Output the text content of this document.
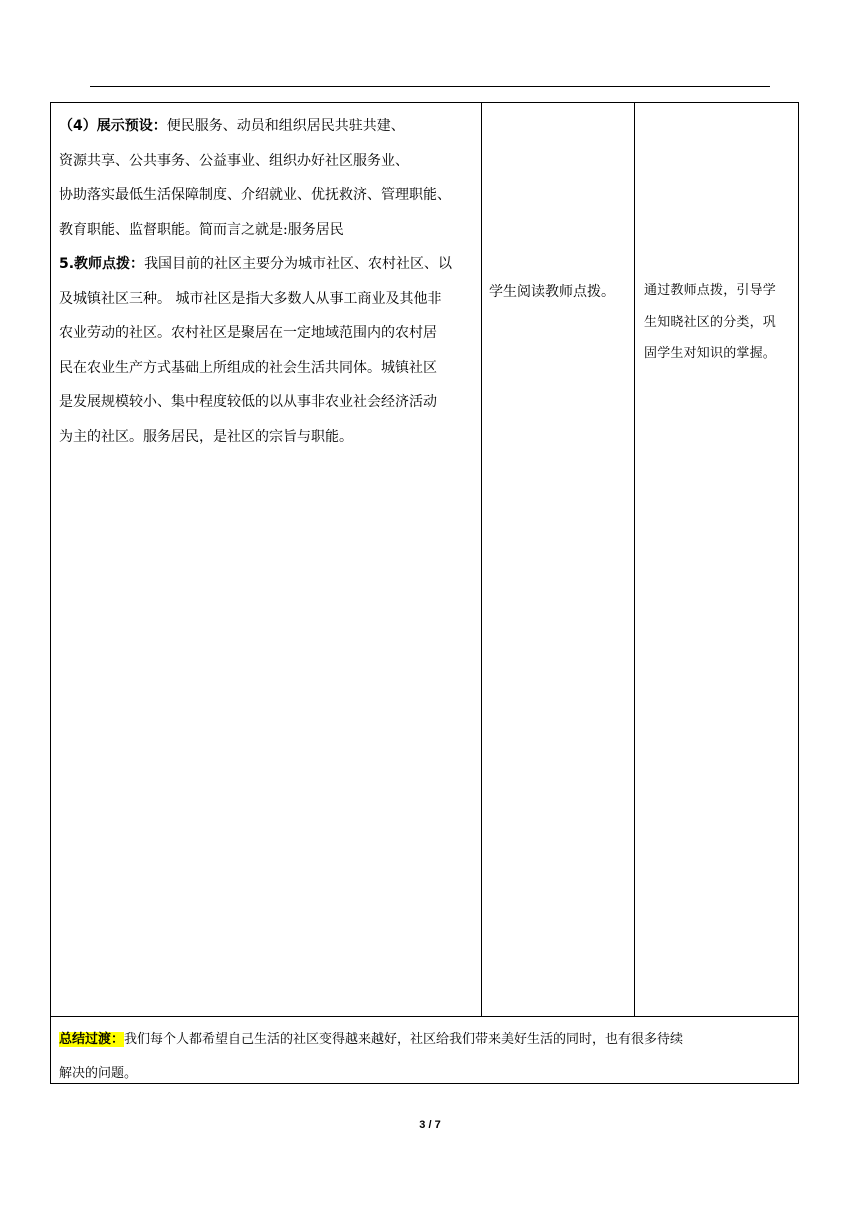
（4）展示预设：便民服务、动员和组织居民共驻共建、

资源共享、公共事务、公益事业、组织办好社区服务业、

协助落实最低生活保障制度、介绍就业、优抚救济、管理职能、

教育职能、监督职能。简而言之就是:服务居民

5.教师点拨：我国目前的社区主要分为城市社区、农村社区、以

及城镇社区三种。 城市社区是指大多数人从事工商业及其他非

农业劳动的社区。农村社区是聚居在一定地域范围内的农村居

民在农业生产方式基础上所组成的社会生活共同体。城镇社区

是发展规模较小、集中程度较低的以从事非农业社会经济活动

为主的社区。服务居民，是社区的宗旨与职能。

学生阅读教师点拨。	通过教师点拨，引导学

生知晓社区的分类，巩

固学生对知识的掌握。

总结过渡：我们每个人都希望自己生活的社区变得越来越好，社区给我们带来美好生活的同时，也有很多待续

解决的问题。

3 / 7
